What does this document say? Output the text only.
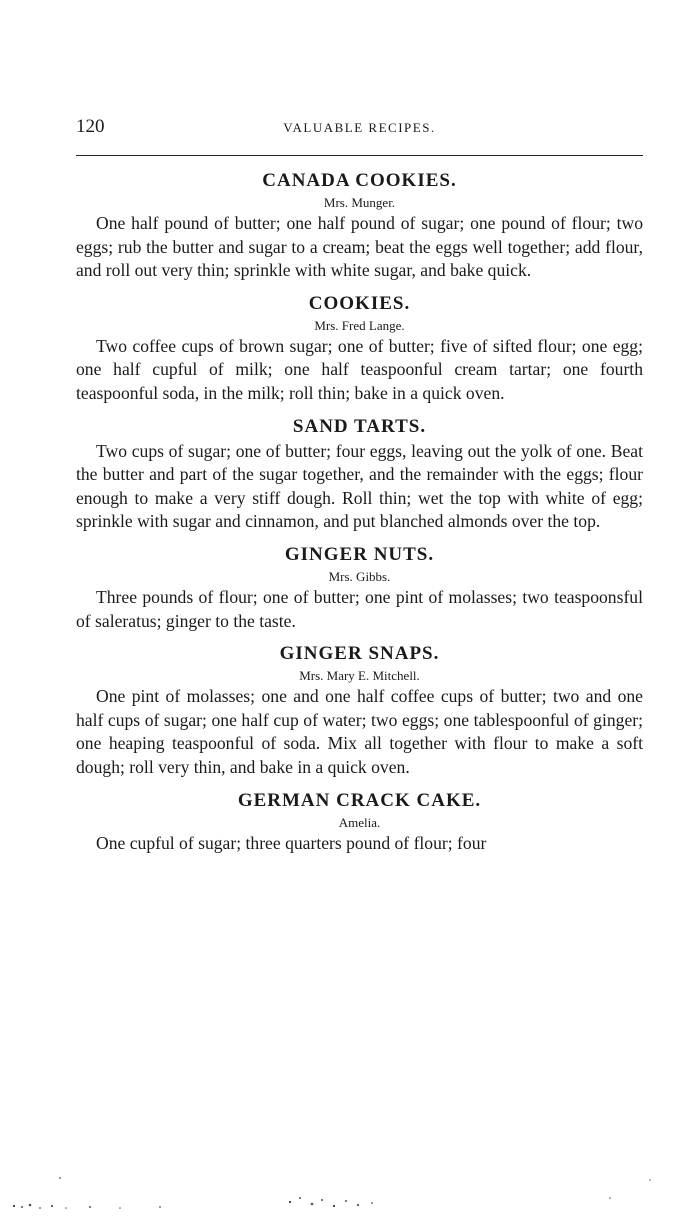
120	VALUABLE RECIPES.
CANADA COOKIES.

Mrs. Munger.

One half pound of butter; one half pound of sugar; one pound of flour; two eggs; rub the butter and sugar to a cream; beat the eggs well together; add flour, and roll out very thin; sprinkle with white sugar, and bake quick.

COOKIES.

Mrs. Fred Lange.

Two coffee cups of brown sugar; one of butter; five of sifted flour; one egg; one half cupful of milk; one half teaspoonful cream tartar; one fourth teaspoonful soda, in the milk; roll thin; bake in a quick oven.

SAND TARTS.

Two cups of sugar; one of butter; four eggs, leaving out the yolk of one. Beat the butter and part of the sugar together, and the remainder with the eggs; flour enough to make a very stiff dough. Roll thin; wet the top with white of egg; sprinkle with sugar and cinnamon, and put blanched almonds over the top.

GINGER NUTS.

Mrs. Gibbs.

Three pounds of flour; one of butter; one pint of molasses; two teaspoonsful of saleratus; ginger to the taste.

GINGER SNAPS.

Mrs. Mary E. Mitchell.

One pint of molasses; one and one half coffee cups of butter; two and one half cups of sugar; one half cup of water; two eggs; one tablespoonful of ginger; one heaping teaspoonful of soda. Mix all together with flour to make a soft dough; roll very thin, and bake in a quick oven.

GERMAN CRACK CAKE.

Amelia.

One cupful of sugar; three quarters pound of flour; four
